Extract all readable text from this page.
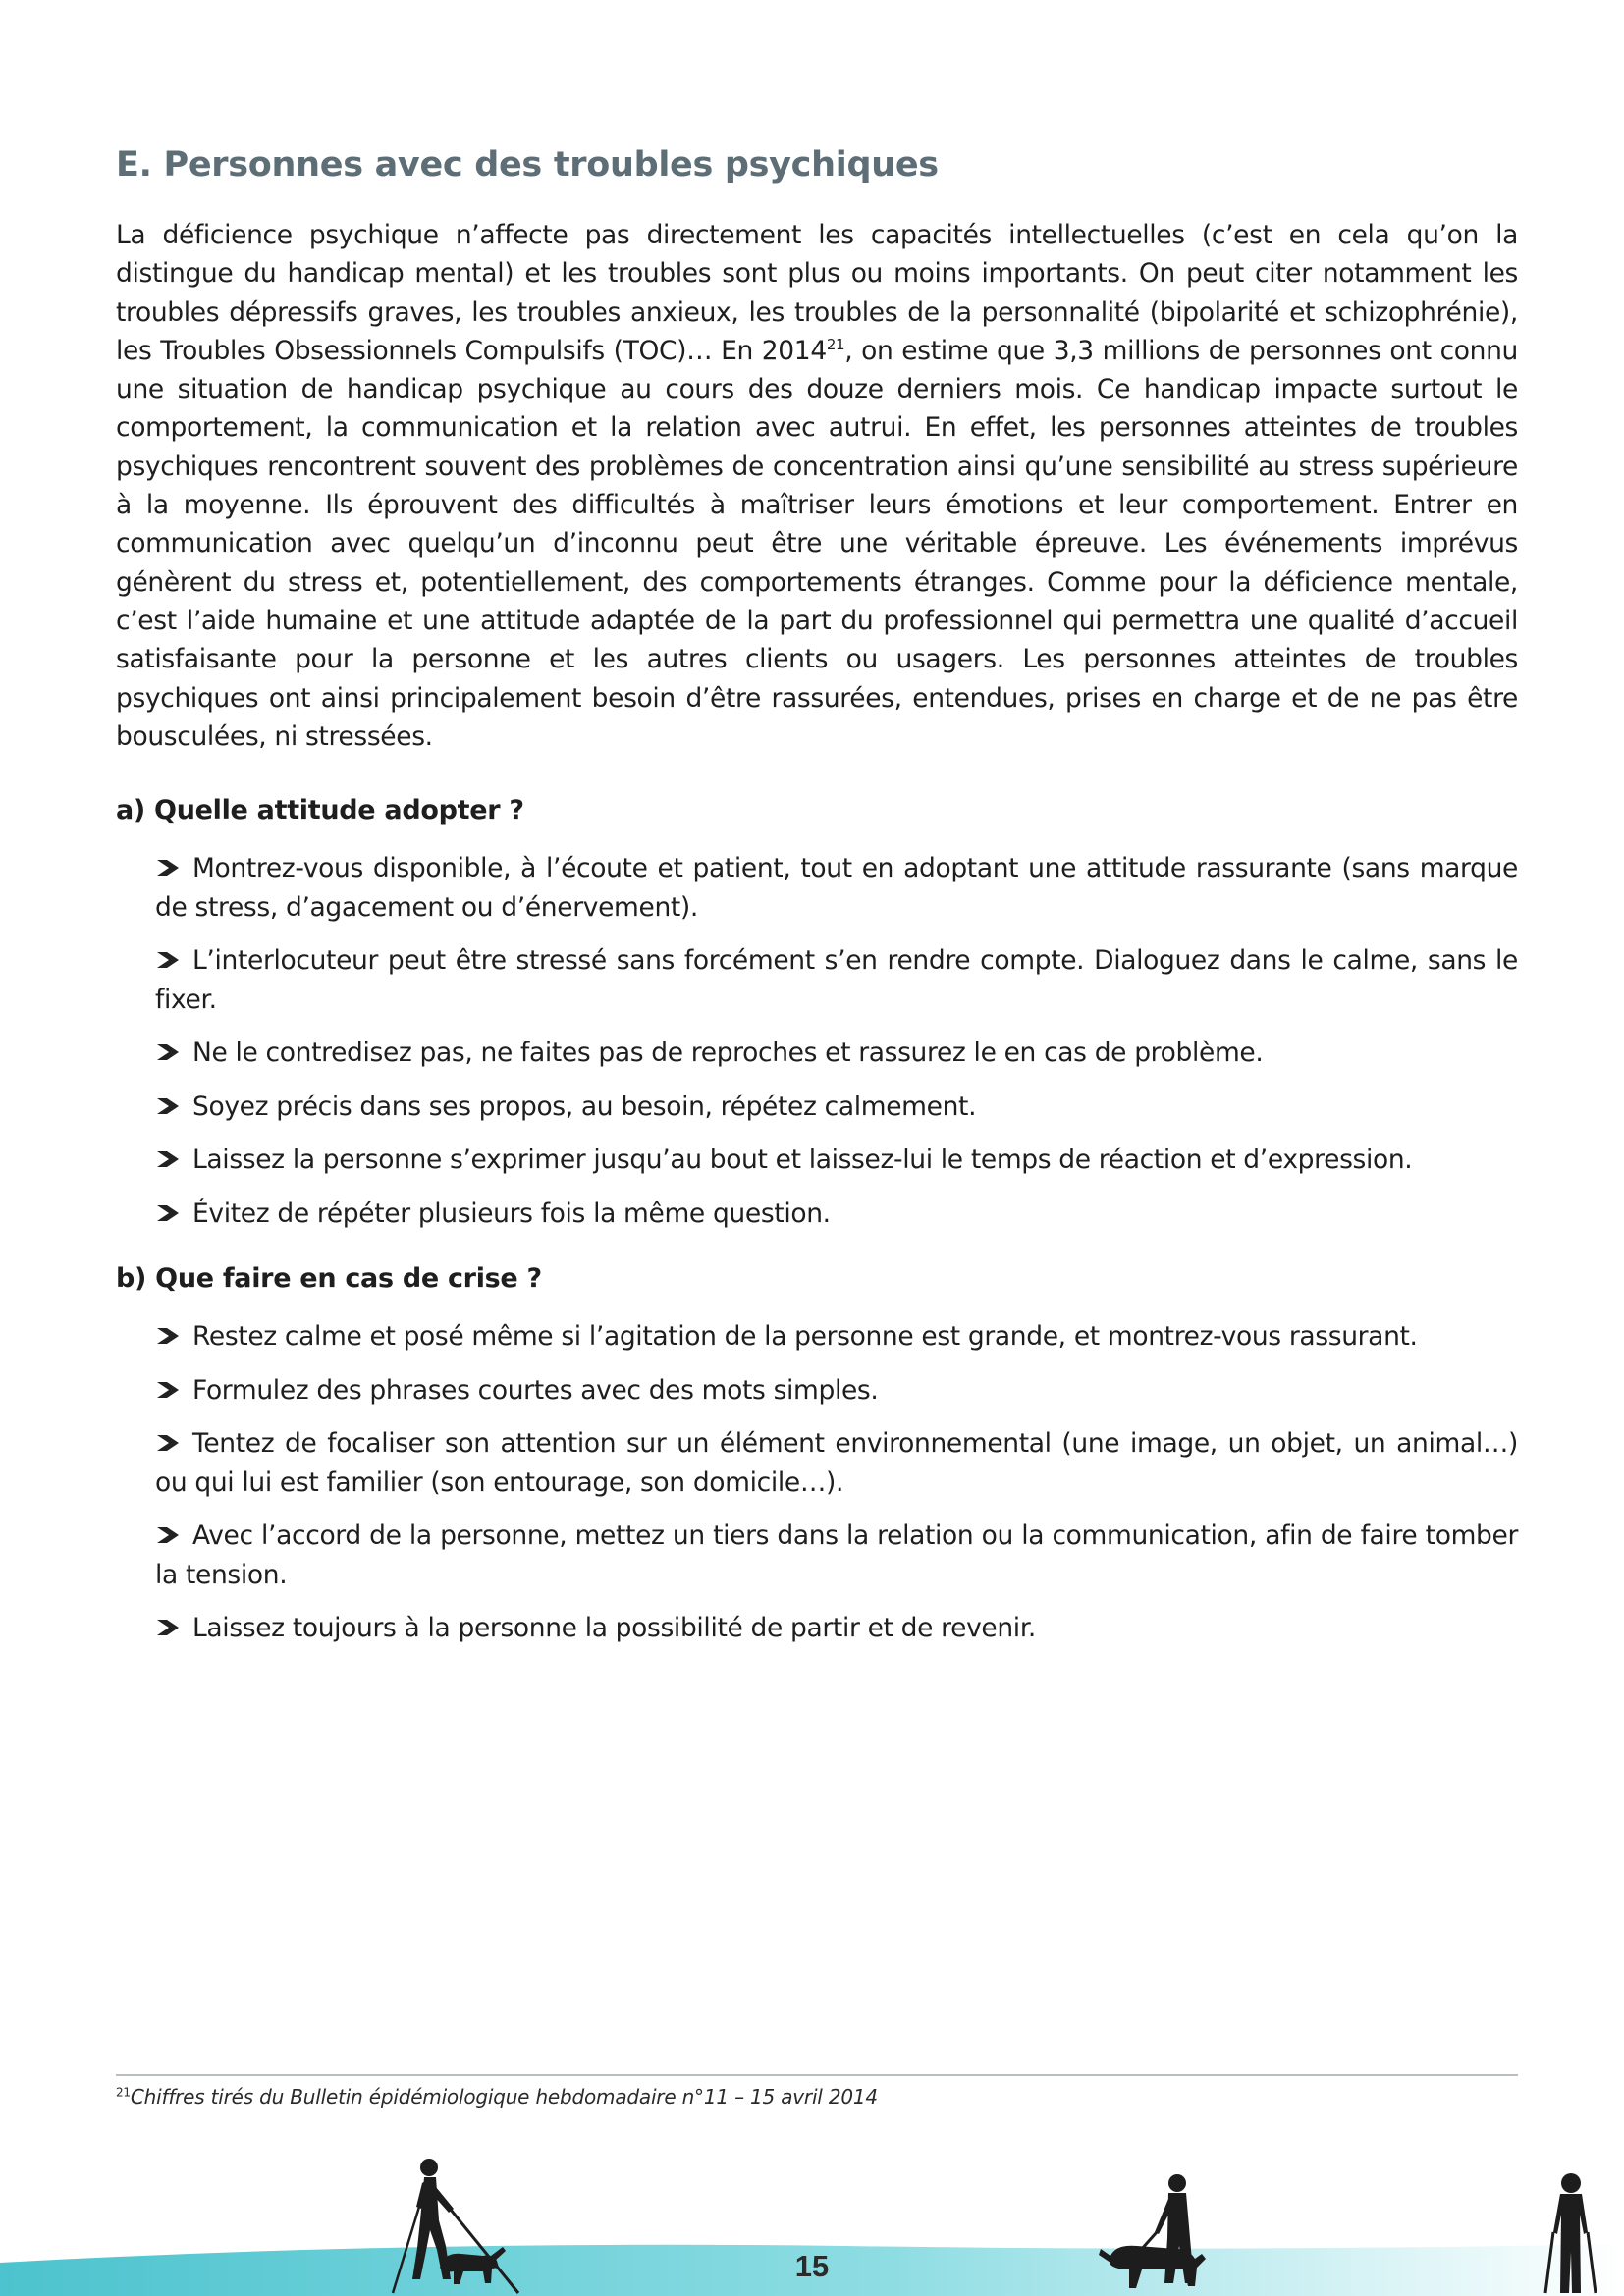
E. Personnes avec des troubles psychiques

La déficience psychique n’affecte pas directement les capacités intellectuelles (c’est en cela qu’on la distingue du handicap mental) et les troubles sont plus ou moins importants. On peut citer notamment les troubles dépressifs graves, les troubles anxieux, les troubles de la personnalité (bipolarité et schizophrénie), les Troubles Obsessionnels Compulsifs (TOC)… En 2014$^{21}$, on estime que 3,3 millions de personnes ont connu une situation de handicap psychique au cours des douze derniers mois. Ce handicap impacte surtout le comportement, la communication et la relation avec autrui. En effet, les personnes atteintes de troubles psychiques rencontrent souvent des problèmes de concentration ainsi qu’une sensibilité au stress supérieure à la moyenne. Ils éprouvent des difficultés à maîtriser leurs émotions et leur comportement. Entrer en communication avec quelqu’un d’inconnu peut être une véritable épreuve. Les événements imprévus génèrent du stress et, potentiellement, des comportements étranges. Comme pour la déficience mentale, c’est l’aide humaine et une attitude adaptée de la part du professionnel qui permettra une qualité d’accueil satisfaisante pour la personne et les autres clients ou usagers. Les personnes atteintes de troubles psychiques ont ainsi principalement besoin d’être rassurées, entendues, prises en charge et de ne pas être bousculées, ni stressées.

a) Quelle attitude adopter ?
Montrez-vous disponible, à l’écoute et patient, tout en adoptant une attitude rassurante (sans marque de stress, d’agacement ou d’énervement).
L’interlocuteur peut être stressé sans forcément s’en rendre compte. Dialoguez dans le calme, sans le fixer.
Ne le contredisez pas, ne faites pas de reproches et rassurez le en cas de problème.
Soyez précis dans ses propos, au besoin, répétez calmement.
Laissez la personne s’exprimer jusqu’au bout et laissez-lui le temps de réaction et d’expression.
Évitez de répéter plusieurs fois la même question.
b) Que faire en cas de crise ?
Restez calme et posé même si l’agitation de la personne est grande, et montrez-vous rassurant.
Formulez des phrases courtes avec des mots simples.
Tentez de focaliser son attention sur un élément environnemental (une image, un objet, un animal…) ou qui lui est familier (son entourage, son domicile…).
Avec l’accord de la personne, mettez un tiers dans la relation ou la communication, afin de faire tomber la tension.
Laissez toujours à la personne la possibilité de partir et de revenir.

$^{21}$Chiffres tirés du Bulletin épidémiologique hebdomadaire n°11 – 15 avril 2014

15
